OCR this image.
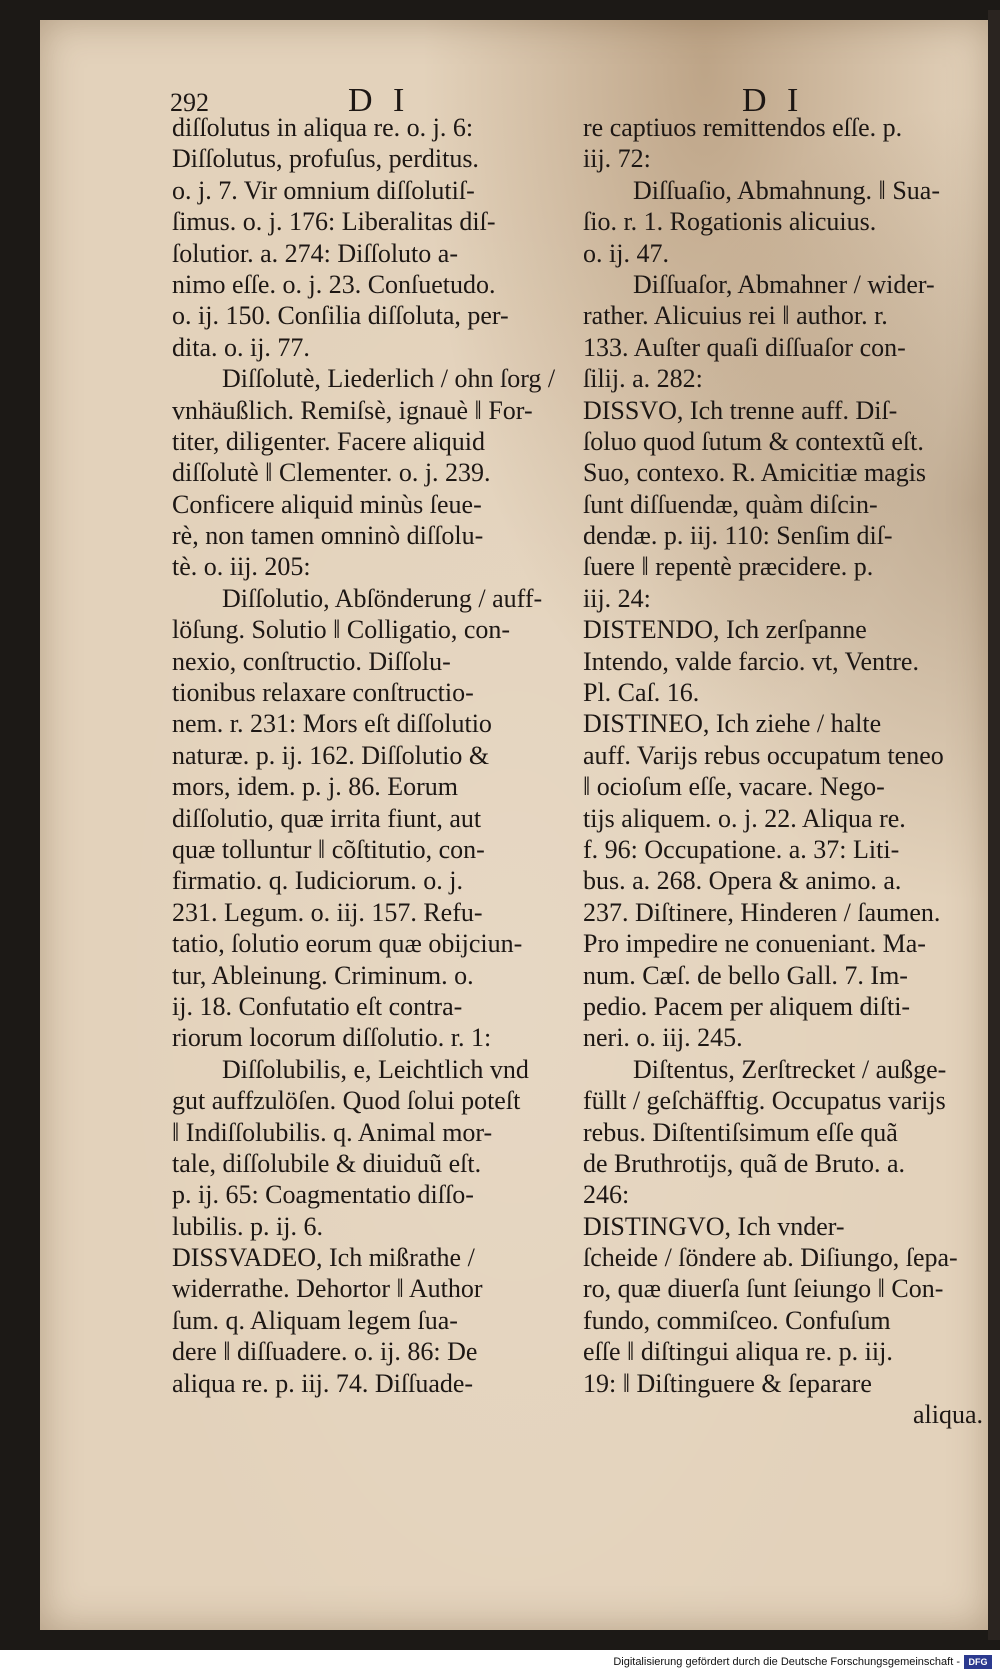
292	D I	D I
diſſolutus in aliqua re. o. j. 6:
Diſſolutus, profuſus, perditus.
o. j. 7. Vir omnium diſſolutiſ-
ſimus. o. j. 176: Liberalitas diſ-
ſolutior. a. 274: Diſſoluto a-
nimo eſſe. o. j. 23. Conſuetudo.
o. ij. 150. Conſilia diſſoluta, per-
dita. o. ij. 77.
Diſſolutè, Liederlich / ohn ſorg /
vnhäußlich. Remiſsè, ignauè ‖ For-
titer, diligenter. Facere aliquid
diſſolutè ‖ Clementer. o. j. 239.
Conficere aliquid minùs ſeue-
rè, non tamen omninò diſſolu-
tè. o. iij. 205:
Diſſolutio, Abſönderung / auff-
löſung. Solutio ‖ Colligatio, con-
nexio, conſtructio. Diſſolu-
tionibus relaxare conſtructio-
nem. r. 231: Mors eſt diſſolutio
naturæ. p. ij. 162. Diſſolutio &
mors, idem. p. j. 86. Eorum
diſſolutio, quæ irrita fiunt, aut
quæ tolluntur ‖ cõſtitutio, con-
firmatio. q. Iudiciorum. o. j.
231. Legum. o. iij. 157. Refu-
tatio, ſolutio eorum quæ obijciun-
tur, Ableinung. Criminum. o.
ij. 18. Confutatio eſt contra-
riorum locorum diſſolutio. r. 1:
Diſſolubilis, e, Leichtlich vnd
gut auffzulöſen. Quod ſolui poteſt
‖ Indiſſolubilis. q. Animal mor-
tale, diſſolubile & diuiduũ eſt.
p. ij. 65: Coagmentatio diſſo-
lubilis. p. ij. 6.
DISSVADEO, Ich mißrathe /
widerrathe. Dehortor ‖ Author
ſum. q. Aliquam legem ſua-
dere ‖ diſſuadere. o. ij. 86: De
aliqua re. p. iij. 74. Diſſuade-
re captiuos remittendos eſſe. p.
iij. 72:
Diſſuaſio, Abmahnung. ‖ Sua-
ſio. r. 1. Rogationis alicuius.
o. ij. 47.
Diſſuaſor, Abmahner / wider-
rather. Alicuius rei ‖ author. r.
133. Auſter quaſi diſſuaſor con-
ſilij. a. 282:
DISSVO, Ich trenne auff. Diſ-
ſoluo quod ſutum & contextũ eſt.
Suo, contexo. R. Amicitiæ magis
ſunt diſſuendæ, quàm diſcin-
dendæ. p. iij. 110: Senſim diſ-
ſuere ‖ repentè præcidere. p.
iij. 24:
DISTENDO, Ich zerſpanne
Intendo, valde farcio. vt, Ventre.
Pl. Caſ. 16.
DISTINEO, Ich ziehe / halte
auff. Varijs rebus occupatum teneo
‖ ocioſum eſſe, vacare. Nego-
tijs aliquem. o. j. 22. Aliqua re.
f. 96: Occupatione. a. 37: Liti-
bus. a. 268. Opera & animo. a.
237. Diſtinere, Hinderen / ſaumen.
Pro impedire ne conueniant. Ma-
num. Cæſ. de bello Gall. 7. Im-
pedio. Pacem per aliquem diſti-
neri. o. iij. 245.
Diſtentus, Zerſtrecket / außge-
füllt / geſchäfftig. Occupatus varijs
rebus. Diſtentiſsimum eſſe quã
de Bruthrotijs, quã de Bruto. a.
246:
DISTINGVO, Ich vnder-
ſcheide / ſöndere ab. Diſiungo, ſepa-
ro, quæ diuerſa ſunt ſeiungo ‖ Con-
fundo, commiſceo. Confuſum
eſſe ‖ diſtingui aliqua re. p. iij.
19: ‖ Diſtinguere & ſeparare
aliqua.
Digitalisierung gefördert durch die Deutsche Forschungsgemeinschaft - DFG
